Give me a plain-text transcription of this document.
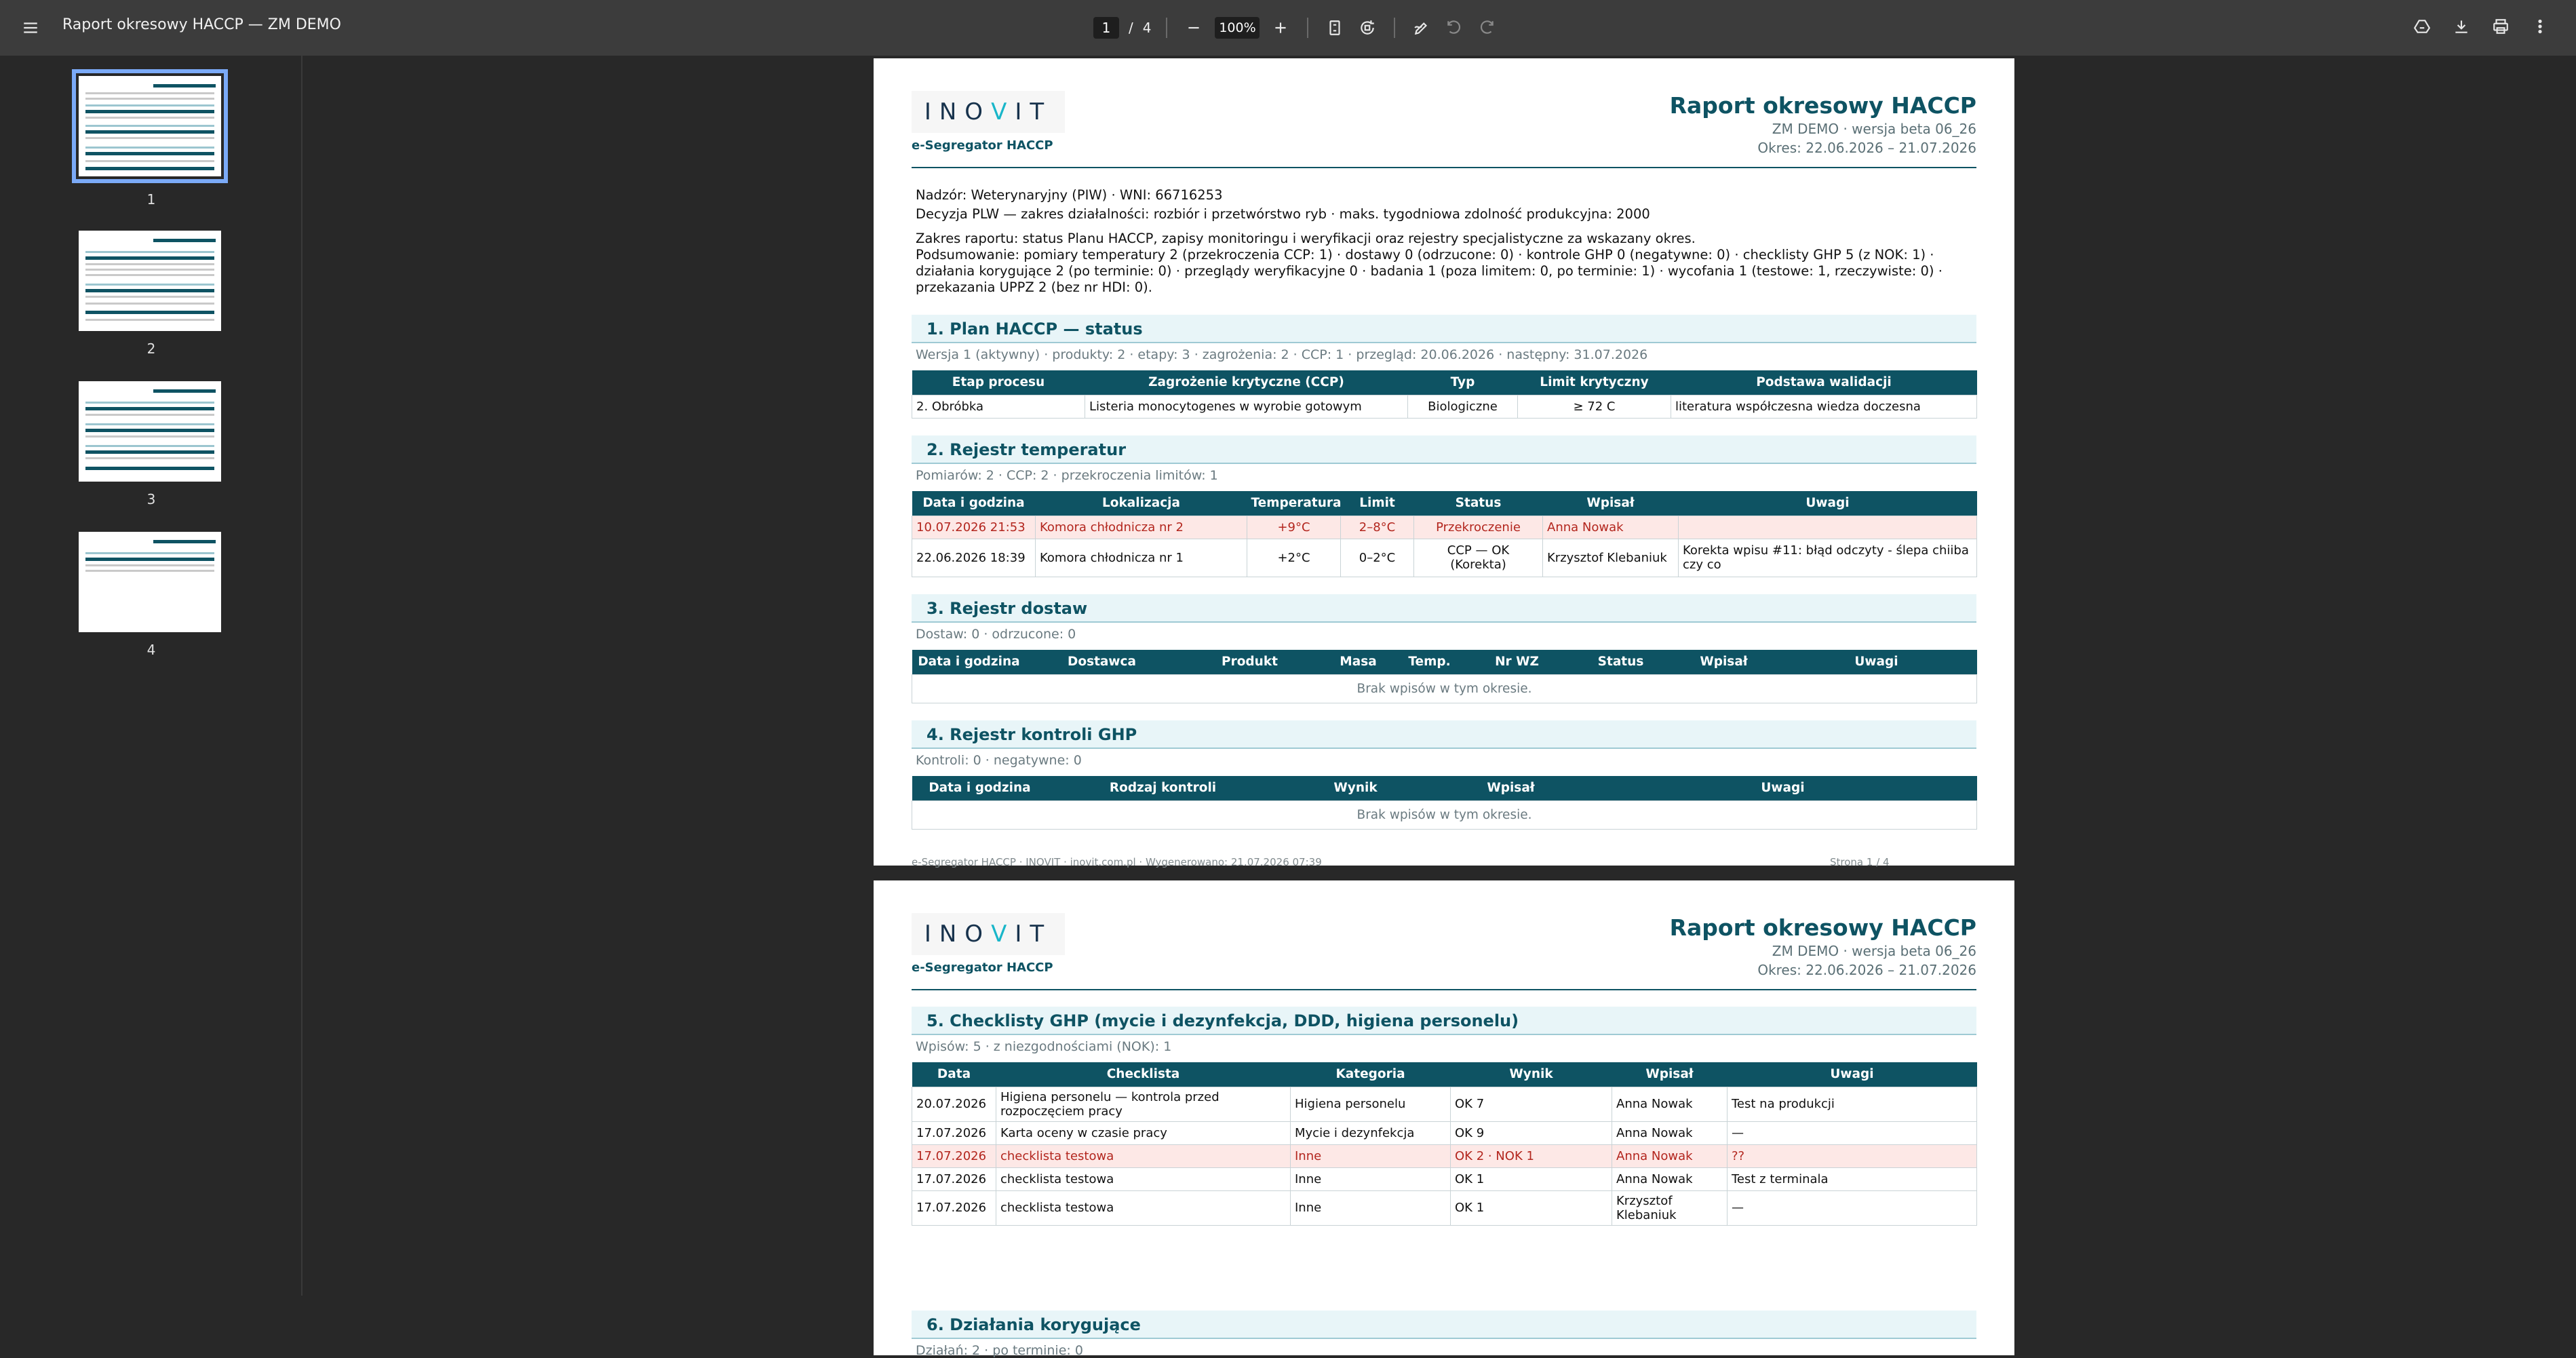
Raport okresowy HACCP — ZM DEMO	1	/ 4	100%
1
2
3
4
INO V IT
e-Segregator HACCP
Raport okresowy HACCP
ZM DEMO · wersja beta 06_26
Okres: 22.06.2026 – 21.07.2026
Nadzór: Weterynaryjny (PIW) · WNI: 66716253
Decyzja PLW — zakres działalności: rozbiór i przetwórstwo ryb · maks. tygodniowa zdolność produkcyjna: 2000
Zakres raportu: status Planu HACCP, zapisy monitoringu i weryfikacji oraz rejestry specjalistyczne za wskazany okres.
Podsumowanie: pomiary temperatury 2 (przekroczenia CCP: 1) · dostawy 0 (odrzucone: 0) · kontrole GHP 0 (negatywne: 0) · checklisty GHP 5 (z NOK: 1) · działania korygujące 2 (po terminie: 0) · przeglądy weryfikacyjne 0 · badania 1 (poza limitem: 0, po terminie: 1) · wycofania 1 (testowe: 1, rzeczywiste: 0) · przekazania UPPZ 2 (bez nr HDI: 0).
1. Plan HACCP — status
Wersja 1 (aktywny) · produkty: 2 · etapy: 3 · zagrożenia: 2 · CCP: 1 · przegląd: 20.06.2026 · następny: 31.07.2026
Etap procesu	Zagrożenie krytyczne (CCP)	Typ	Limit krytyczny	Podstawa walidacji
2. Obróbka	Listeria monocytogenes w wyrobie gotowym	Biologiczne	≥ 72 C	literatura współczesna wiedza doczesna
2. Rejestr temperatur
Pomiarów: 2 · CCP: 2 · przekroczenia limitów: 1
Data i godzina	Lokalizacja	Temperatura	Limit	Status	Wpisał	Uwagi
10.07.2026 21:53	Komora chłodnicza nr 2	+9°C	2–8°C	Przekroczenie	Anna Nowak	
22.06.2026 18:39	Komora chłodnicza nr 1	+2°C	0–2°C	CCP — OK (Korekta)	Krzysztof Klebaniuk	Korekta wpisu #11: błąd odczyty - ślepa chiiba czy co
3. Rejestr dostaw
Dostaw: 0 · odrzucone: 0
Data i godzina	Dostawca	Produkt	Masa	Temp.	Nr WZ	Status	Wpisał	Uwagi
Brak wpisów w tym okresie.
4. Rejestr kontroli GHP
Kontroli: 0 · negatywne: 0
Data i godzina	Rodzaj kontroli	Wynik	Wpisał	Uwagi
Brak wpisów w tym okresie.
e-Segregator HACCP · INOVIT · inovit.com.pl · Wygenerowano: 21.07.2026 07:39	Strona 1 / 4
INO V IT
e-Segregator HACCP
Raport okresowy HACCP
ZM DEMO · wersja beta 06_26
Okres: 22.06.2026 – 21.07.2026
5. Checklisty GHP (mycie i dezynfekcja, DDD, higiena personelu)
Wpisów: 5 · z niezgodnościami (NOK): 1
Data	Checklista	Kategoria	Wynik	Wpisał	Uwagi
20.07.2026	Higiena personelu — kontrola przed rozpoczęciem pracy	Higiena personelu	OK 7	Anna Nowak	Test na produkcji
17.07.2026	Karta oceny w czasie pracy	Mycie i dezynfekcja	OK 9	Anna Nowak	—
17.07.2026	checklista testowa	Inne	OK 2 · NOK 1	Anna Nowak	??
17.07.2026	checklista testowa	Inne	OK 1	Anna Nowak	Test z terminala
17.07.2026	checklista testowa	Inne	OK 1	Krzysztof Klebaniuk	—
6. Działania korygujące
Działań: 2 · po terminie: 0
